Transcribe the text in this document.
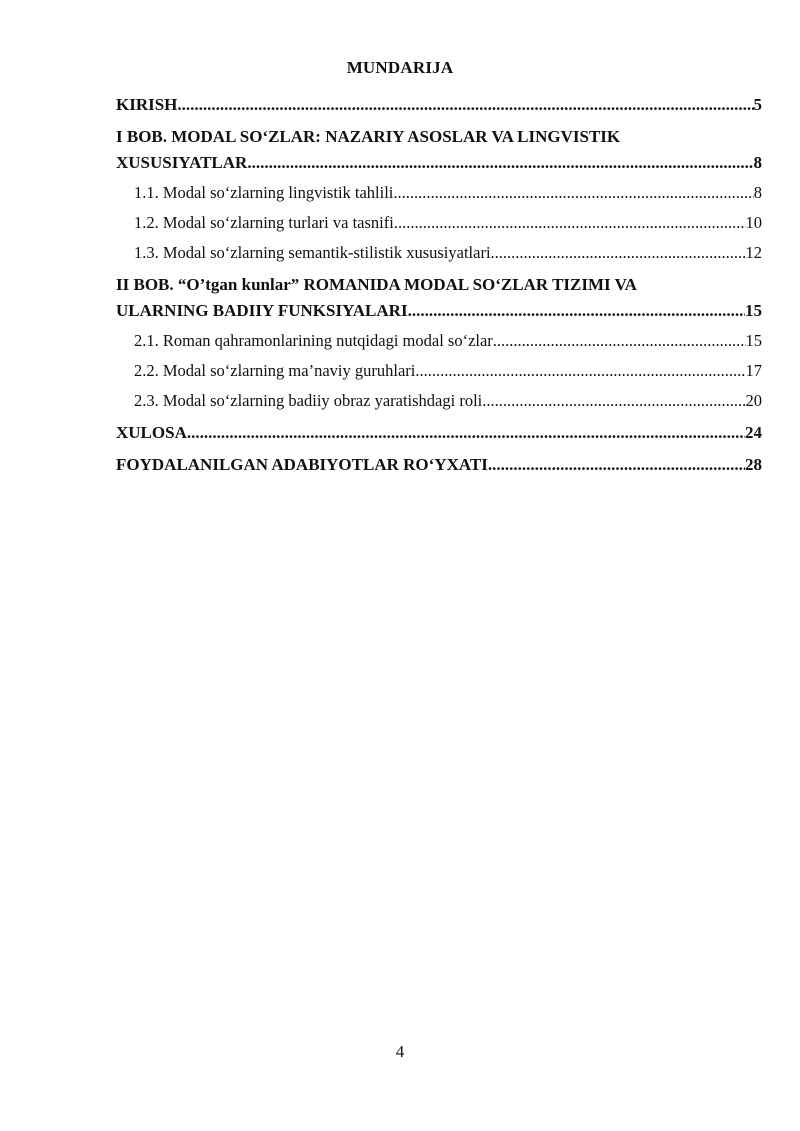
MUNDARIJA
KIRISH .....	5
I BOB. MODAL SO‘ZLAR: NAZARIY ASOSLAR VA LINGVISTIK
XUSUSIYATLAR .....	8
1.1. Modal so‘zlarning lingvistik tahlili .....	8
1.2. Modal so‘zlarning turlari va tasnifi .....	10
1.3. Modal so‘zlarning semantik-stilistik xususiyatlari .....	12
II BOB. “O’tgan kunlar” ROMANIDA MODAL SO‘ZLAR TIZIMI VA
ULARNING BADIIY FUNKSIYALARI .....	15
2.1. Roman qahramonlarining nutqidagi modal so‘zlar .....	15
2.2. Modal so‘zlarning ma’naviy guruhlari .....	17
2.3. Modal so‘zlarning badiiy obraz yaratishdagi roli .....	20
XULOSA .....	24
FOYDALANILGAN ADABIYOTLAR RO‘YXATI .....	28
4
